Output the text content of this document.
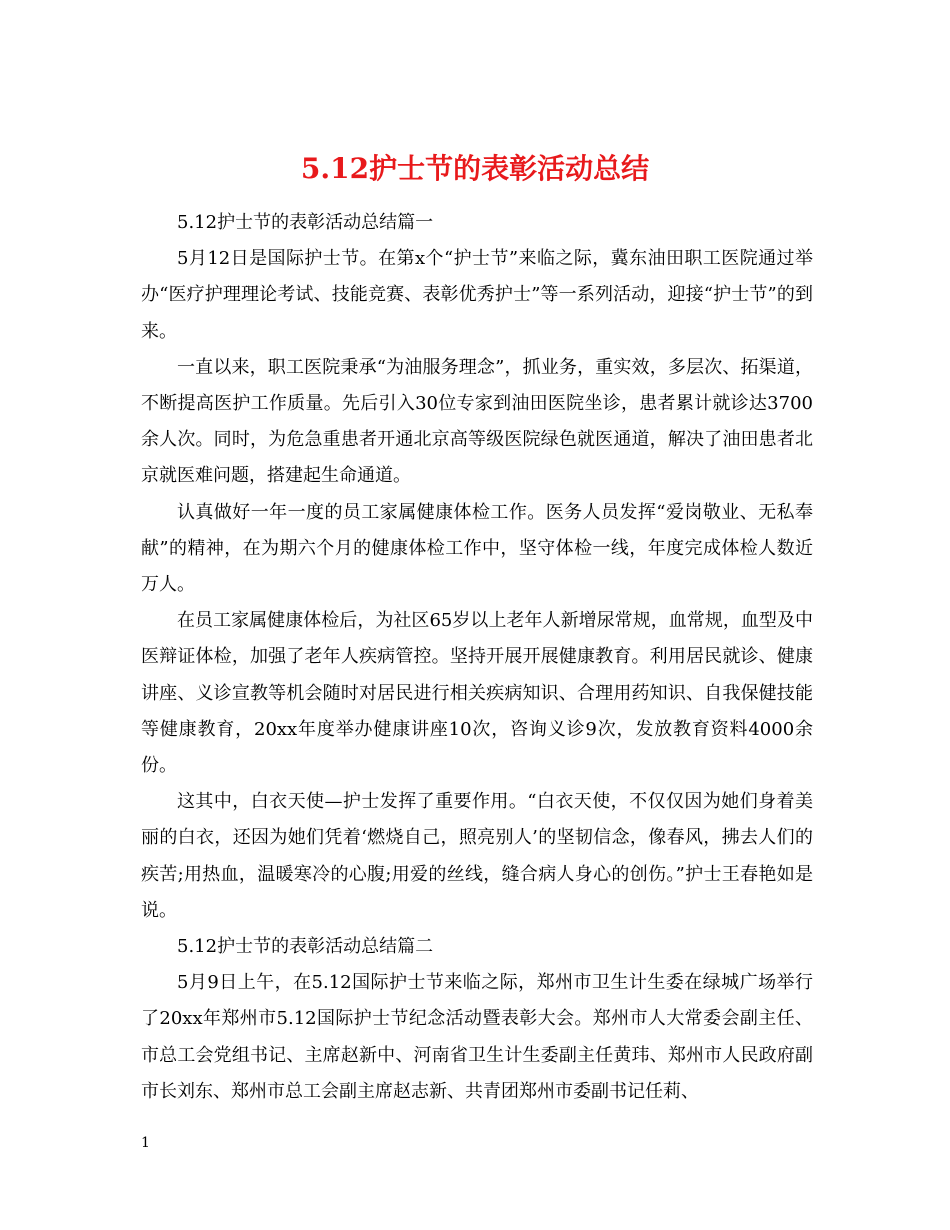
5.12护士节的表彰活动总结

5.12护士节的表彰活动总结篇一

5月12日是国际护士节。在第x个“护士节”来临之际，冀东油田职工医院通过举办“医疗护理理论考试、技能竞赛、表彰优秀护士”等一系列活动，迎接“护士节”的到来。

一直以来，职工医院秉承“为油服务理念”，抓业务，重实效，多层次、拓渠道，不断提高医护工作质量。先后引入30位专家到油田医院坐诊，患者累计就诊达3700余人次。同时，为危急重患者开通北京高等级医院绿色就医通道，解决了油田患者北京就医难问题，搭建起生命通道。

认真做好一年一度的员工家属健康体检工作。医务人员发挥“爱岗敬业、无私奉献”的精神，在为期六个月的健康体检工作中，坚守体检一线，年度完成体检人数近万人。

在员工家属健康体检后，为社区65岁以上老年人新增尿常规，血常规，血型及中医辩证体检，加强了老年人疾病管控。坚持开展开展健康教育。利用居民就诊、健康讲座、义诊宣教等机会随时对居民进行相关疾病知识、合理用药知识、自我保健技能等健康教育，20xx年度举办健康讲座10次，咨询义诊9次，发放教育资料4000余份。

这其中，白衣天使—护士发挥了重要作用。“白衣天使，不仅仅因为她们身着美丽的白衣，还因为她们凭着‘燃烧自己，照亮别人’的坚韧信念，像春风，拂去人们的疾苦;用热血，温暖寒冷的心腹;用爱的丝线，缝合病人身心的创伤。”护士王春艳如是说。

5.12护士节的表彰活动总结篇二

5月9日上午，在5.12国际护士节来临之际，郑州市卫生计生委在绿城广场举行了20xx年郑州市5.12国际护士节纪念活动暨表彰大会。郑州市人大常委会副主任、市总工会党组书记、主席赵新中、河南省卫生计生委副主任黄玮、郑州市人民政府副市长刘东、郑州市总工会副主席赵志新、共青团郑州市委副书记任莉、

1
